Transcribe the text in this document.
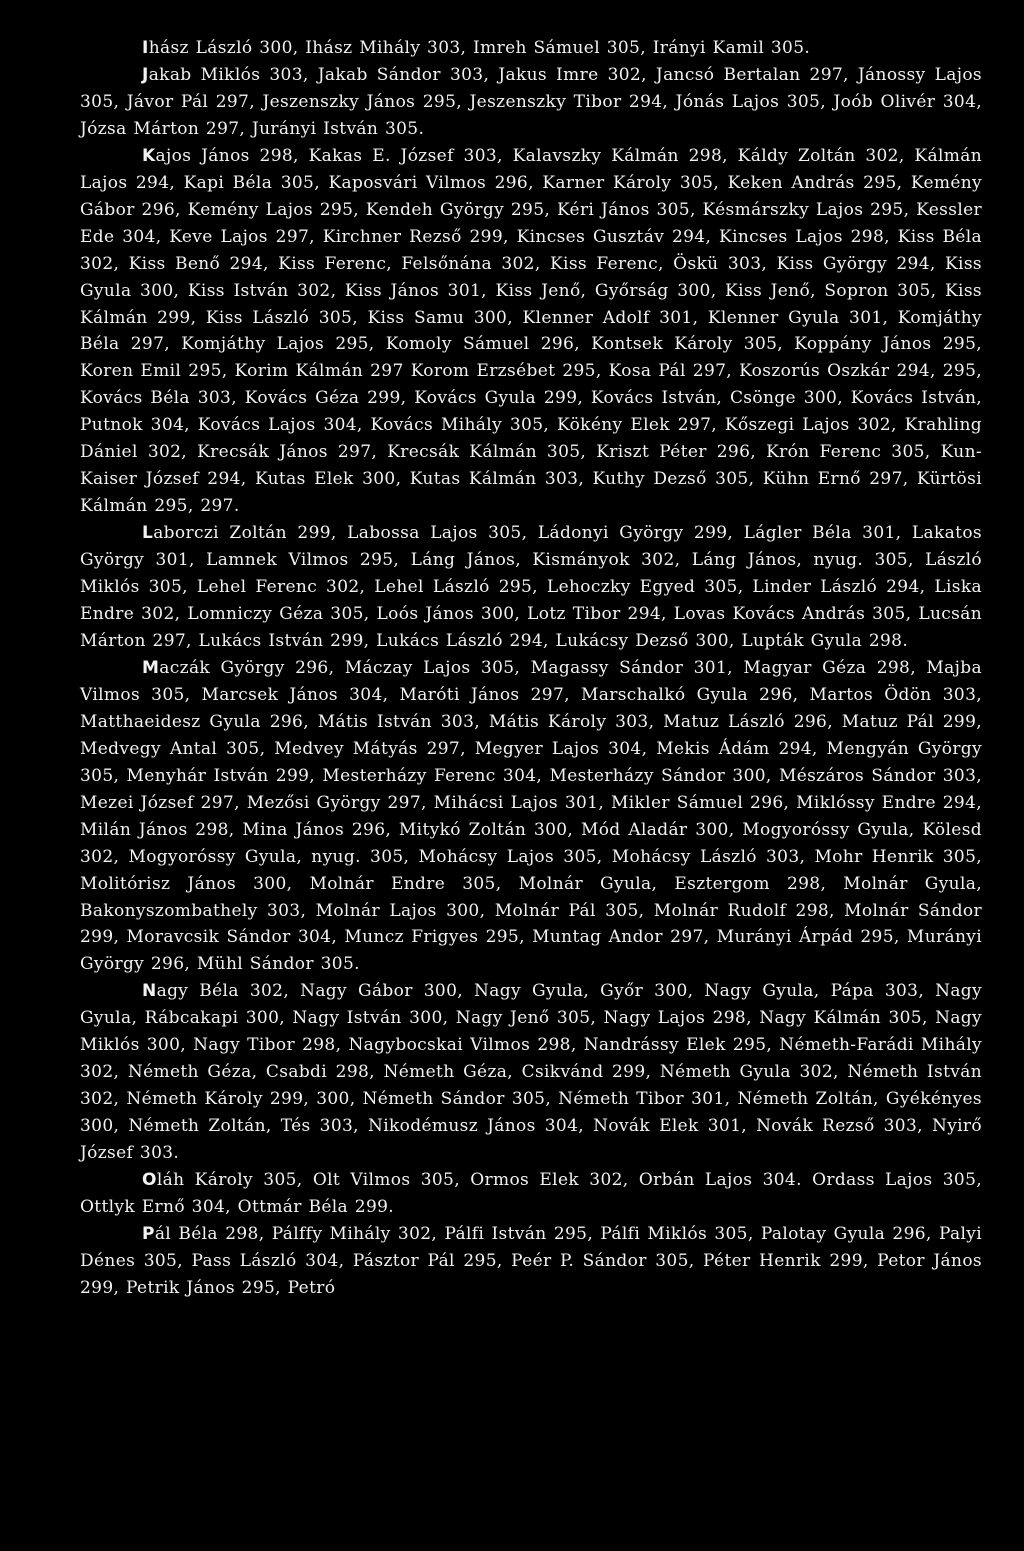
Ihász László 300, Ihász Mihály 303, Imreh Sámuel 305, Irányi Kamil 305.

Jakab Miklós 303, Jakab Sándor 303, Jakus Imre 302, Jancsó Bertalan 297, Jánossy Lajos 305, Jávor Pál 297, Jeszenszky János 295, Jeszenszky Tibor 294, Jónás Lajos 305, Joób Olivér 304, Józsa Márton 297, Jurányi István 305.

Kajos János 298, Kakas E. József 303, Kalavszky Kálmán 298, Káldy Zoltán 302, Kálmán Lajos 294, Kapi Béla 305, Kaposvári Vilmos 296, Karner Károly 305, Keken András 295, Kemény Gábor 296, Kemény Lajos 295, Kendeh György 295, Kéri János 305, Késmárszky Lajos 295, Kessler Ede 304, Keve Lajos 297, Kirchner Rezső 299, Kincses Gusztáv 294, Kincses Lajos 298, Kiss Béla 302, Kiss Benő 294, Kiss Ferenc, Felsőnána 302, Kiss Ferenc, Öskü 303, Kiss György 294, Kiss Gyula 300, Kiss István 302, Kiss János 301, Kiss Jenő, Győrság 300, Kiss Jenő, Sopron 305, Kiss Kálmán 299, Kiss László 305, Kiss Samu 300, Klenner Adolf 301, Klenner Gyula 301, Komjáthy Béla 297, Komjáthy Lajos 295, Komoly Sámuel 296, Kontsek Károly 305, Koppány János 295, Koren Emil 295, Korim Kálmán 297 Korom Erzsébet 295, Kosa Pál 297, Koszorús Oszkár 294, 295, Kovács Béla 303, Kovács Géza 299, Kovács Gyula 299, Kovács István, Csönge 300, Kovács István, Putnok 304, Kovács Lajos 304, Kovács Mihály 305, Kökény Elek 297, Kőszegi Lajos 302, Krahling Dániel 302, Krecsák János 297, Krecsák Kálmán 305, Kriszt Péter 296, Krón Ferenc 305, Kun-Kaiser József 294, Kutas Elek 300, Kutas Kálmán 303, Kuthy Dezső 305, Kühn Ernő 297, Kürtösi Kálmán 295, 297.

Laborczi Zoltán 299, Labossa Lajos 305, Ládonyi György 299, Lágler Béla 301, Lakatos György 301, Lamnek Vilmos 295, Láng János, Kismányok 302, Láng János, nyug. 305, László Miklós 305, Lehel Ferenc 302, Lehel László 295, Lehoczky Egyed 305, Linder László 294, Liska Endre 302, Lomniczy Géza 305, Loós János 300, Lotz Tibor 294, Lovas Kovács András 305, Lucsán Márton 297, Lukács István 299, Lukács László 294, Lukácsy Dezső 300, Lupták Gyula 298.

Maczák György 296, Máczay Lajos 305, Magassy Sándor 301, Magyar Géza 298, Majba Vilmos 305, Marcsek János 304, Maróti János 297, Marschalkó Gyula 296, Martos Ödön 303, Matthaeidesz Gyula 296, Mátis István 303, Mátis Károly 303, Matuz László 296, Matuz Pál 299, Medvegy Antal 305, Medvey Mátyás 297, Megyer Lajos 304, Mekis Ádám 294, Mengyán György 305, Menyhár István 299, Mesterházy Ferenc 304, Mesterházy Sándor 300, Mészáros Sándor 303, Mezei József 297, Mezősi György 297, Mihácsi Lajos 301, Mikler Sámuel 296, Miklóssy Endre 294, Milán János 298, Mina János 296, Mitykó Zoltán 300, Mód Aladár 300, Mogyoróssy Gyula, Kölesd 302, Mogyoróssy Gyula, nyug. 305, Mohácsy Lajos 305, Mohácsy László 303, Mohr Henrik 305, Molitórisz János 300, Molnár Endre 305, Molnár Gyula, Esztergom 298, Molnár Gyula, Bakonyszombathely 303, Molnár Lajos 300, Molnár Pál 305, Molnár Rudolf 298, Molnár Sándor 299, Moravcsik Sándor 304, Muncz Frigyes 295, Muntag Andor 297, Murányi Árpád 295, Murányi György 296, Mühl Sándor 305.

Nagy Béla 302, Nagy Gábor 300, Nagy Gyula, Győr 300, Nagy Gyula, Pápa 303, Nagy Gyula, Rábcakapi 300, Nagy István 300, Nagy Jenő 305, Nagy Lajos 298, Nagy Kálmán 305, Nagy Miklós 300, Nagy Tibor 298, Nagybocskai Vilmos 298, Nandrássy Elek 295, Németh-Farádi Mihály 302, Németh Géza, Csabdi 298, Németh Géza, Csikvánd 299, Németh Gyula 302, Németh István 302, Németh Károly 299, 300, Németh Sándor 305, Németh Tibor 301, Németh Zoltán, Gyékényes 300, Németh Zoltán, Tés 303, Nikodémusz János 304, Novák Elek 301, Novák Rezső 303, Nyirő József 303.

Oláh Károly 305, Olt Vilmos 305, Ormos Elek 302, Orbán Lajos 304. Ordass Lajos 305, Ottlyk Ernő 304, Ottmár Béla 299.

Pál Béla 298, Pálffy Mihály 302, Pálfi István 295, Pálfi Miklós 305, Palotay Gyula 296, Palyi Dénes 305, Pass László 304, Pásztor Pál 295, Peér P. Sándor 305, Péter Henrik 299, Petor János 299, Petrik János 295, Petró
